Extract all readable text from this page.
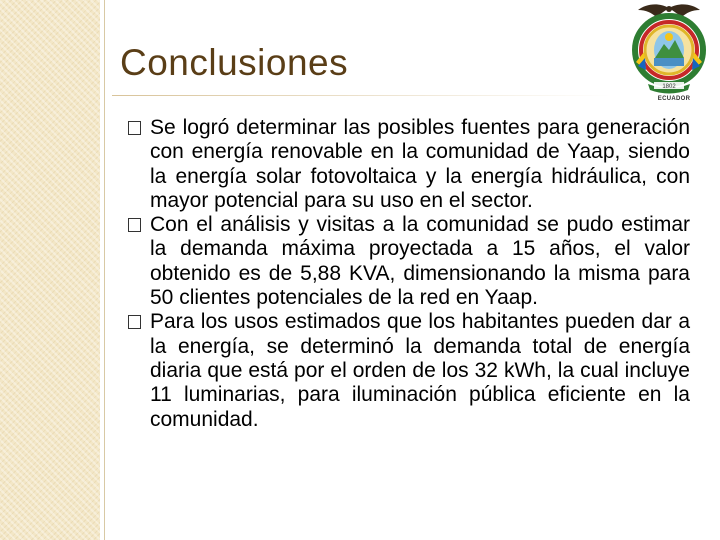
Conclusiones
1802
ECUADOR
Se logró determinar las posibles fuentes para generación con energía renovable en la comunidad de Yaap, siendo la energía solar fotovoltaica y la energía hidráulica, con mayor potencial para su uso en el sector.
Con el análisis y visitas a la comunidad se pudo estimar la demanda máxima proyectada a 15 años, el valor obtenido es de 5,88 KVA, dimensionando la misma para 50 clientes potenciales de la red en Yaap.
Para los usos estimados que los habitantes pueden dar a la energía, se determinó la demanda total de energía diaria que está por el orden de los 32 kWh, la cual incluye 11 luminarias, para iluminación pública eficiente en la comunidad.
